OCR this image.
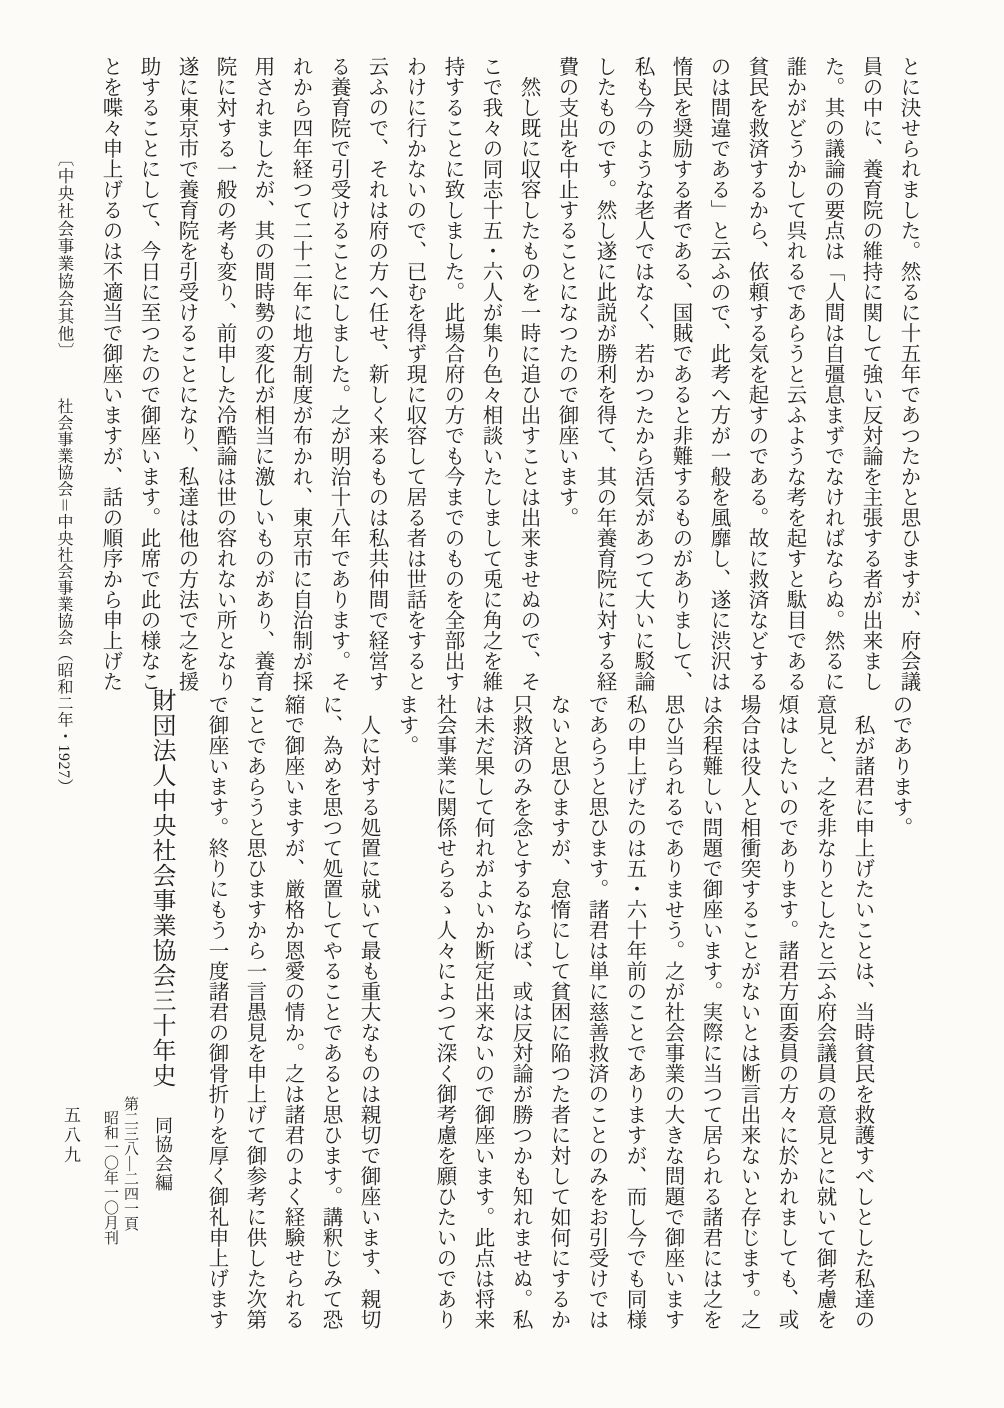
とに決せられました。然るに十五年であつたかと思ひますが、府会議
員の中に、養育院の維持に関して強い反対論を主張する者が出来まし
た。其の議論の要点は「人間は自彊息まずでなければならぬ。然るに
誰かがどうかして呉れるであらうと云ふような考を起すと駄目である
貧民を救済するから、依頼する気を起すのである。故に救済などする
のは間違である」と云ふので、此考へ方が一般を風靡し、遂に渋沢は
惰民を奨励する者である、国賊であると非難するものがありまして、
私も今のような老人ではなく、若かつたから活気があつて大いに駁論
したものです。然し遂に此説が勝利を得て、其の年養育院に対する経
費の支出を中止することになつたので御座います。
　然し既に収容したものを一時に追ひ出すことは出来ませぬので、そ
こで我々の同志十五・六人が集り色々相談いたしまして兎に角之を維
持することに致しました。此場合府の方でも今までのものを全部出す
わけに行かないので、已むを得ず現に収容して居る者は世話をすると
云ふので、それは府の方へ任せ、新しく来るものは私共仲間で経営す
る養育院で引受けることにしました。之が明治十八年であります。そ
れから四年経つて二十二年に地方制度が布かれ、東京市に自治制が採
用されましたが、其の間時勢の変化が相当に激しいものがあり、養育
院に対する一般の考も変り、前申した冷酷論は世の容れない所となり
遂に東京市で養育院を引受けることになり、私達は他の方法で之を援
助することにして、今日に至つたので御座います。此席で此の様なこ
とを喋々申上げるのは不適当で御座いますが、話の順序から申上げた
〔中央社会事業協会其他〕
社会事業協会＝中央社会事業協会（昭和二年・1927）	のであります。
　私が諸君に申上げたいことは、当時貧民を救護すべしとした私達の
意見と、之を非なりとしたと云ふ府会議員の意見とに就いて御考慮を
煩はしたいのであります。諸君方面委員の方々に於かれましても、或
場合は役人と相衝突することがないとは断言出来ないと存じます。之
は余程難しい問題で御座います。実際に当つて居られる諸君には之を
思ひ当られるでありませう。之が社会事業の大きな問題で御座います
私の申上げたのは五・六十年前のことでありますが、而し今でも同様
であらうと思ひます。諸君は単に慈善救済のことのみをお引受けでは
ないと思ひますが、怠惰にして貧困に陥つた者に対して如何にするか
只救済のみを念とするならば、或は反対論が勝つかも知れませぬ。私
は未だ果して何れがよいか断定出来ないので御座います。此点は将来
社会事業に関係せらるゝ人々によつて深く御考慮を願ひたいのであり
ます。
　人に対する処置に就いて最も重大なものは親切で御座います、親切
に、為めを思つて処置してやることであると思ひます。講釈じみて恐
縮で御座いますが、厳格か恩愛の情か。之は諸君のよく経験せられる
ことであらうと思ひますから一言愚見を申上げて御参考に供した次第
で御座います。終りにもう一度諸君の御骨折りを厚く御礼申上げます
財団法人中央社会事業協会三十年史
同協会編
第二三八―二四一頁
昭和一〇年一〇月刊
五八九
